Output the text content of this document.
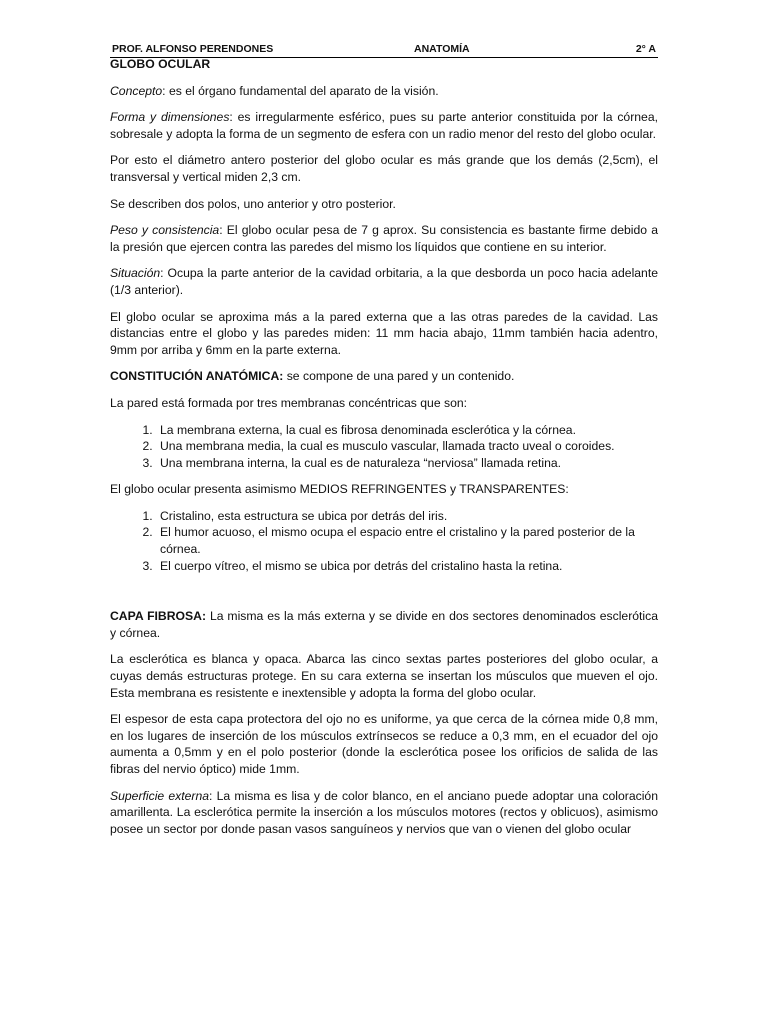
PROF. ALFONSO PERENDONES	ANATOMÍA	2° A
GLOBO OCULAR

Concepto: es el órgano fundamental del aparato de la visión.

Forma y dimensiones: es irregularmente esférico, pues su parte anterior constituida por la córnea, sobresale y adopta la forma de un segmento de esfera con un radio menor del resto del globo ocular.

Por esto el diámetro antero posterior del globo ocular es más grande que los demás (2,5cm), el transversal y vertical miden 2,3 cm.

Se describen dos polos, uno anterior y otro posterior.

Peso y consistencia: El globo ocular pesa de 7 g aprox. Su consistencia es bastante firme debido a la presión que ejercen contra las paredes del mismo los líquidos que contiene en su interior.

Situación: Ocupa la parte anterior de la cavidad orbitaria, a la que desborda un poco hacia adelante (1/3 anterior).

El globo ocular se aproxima más a la pared externa que a las otras paredes de la cavidad. Las distancias entre el globo y las paredes miden: 11 mm hacia abajo, 11mm también hacia adentro, 9mm por arriba y 6mm en la parte externa.

CONSTITUCIÓN ANATÓMICA: se compone de una pared y un contenido.

La pared está formada por tres membranas concéntricas que son:

1. La membrana externa, la cual es fibrosa denominada esclerótica y la córnea.
2. Una membrana media, la cual es musculo vascular, llamada tracto uveal o coroides.
3. Una membrana interna, la cual es de naturaleza “nerviosa” llamada retina.

El globo ocular presenta asimismo MEDIOS REFRINGENTES y TRANSPARENTES:

1. Cristalino, esta estructura se ubica por detrás del iris.
2. El humor acuoso, el mismo ocupa el espacio entre el cristalino y la pared posterior de la córnea.
3. El cuerpo vítreo, el mismo se ubica por detrás del cristalino hasta la retina.

CAPA FIBROSA: La misma es la más externa y se divide en dos sectores denominados esclerótica y córnea.

La esclerótica es blanca y opaca. Abarca las cinco sextas partes posteriores del globo ocular, a cuyas demás estructuras protege. En su cara externa se insertan los músculos que mueven el ojo. Esta membrana es resistente e inextensible y adopta la forma del globo ocular.

El espesor de esta capa protectora del ojo no es uniforme, ya que cerca de la córnea mide 0,8 mm, en los lugares de inserción de los músculos extrínsecos se reduce a 0,3 mm, en el ecuador del ojo aumenta a 0,5mm y en el polo posterior (donde la esclerótica posee los orificios de salida de las fibras del nervio óptico) mide 1mm.

Superficie externa: La misma es lisa y de color blanco, en el anciano puede adoptar una coloración amarillenta. La esclerótica permite la inserción a los músculos motores (rectos y oblicuos), asimismo posee un sector por donde pasan vasos sanguíneos y nervios que van o vienen del globo ocular
